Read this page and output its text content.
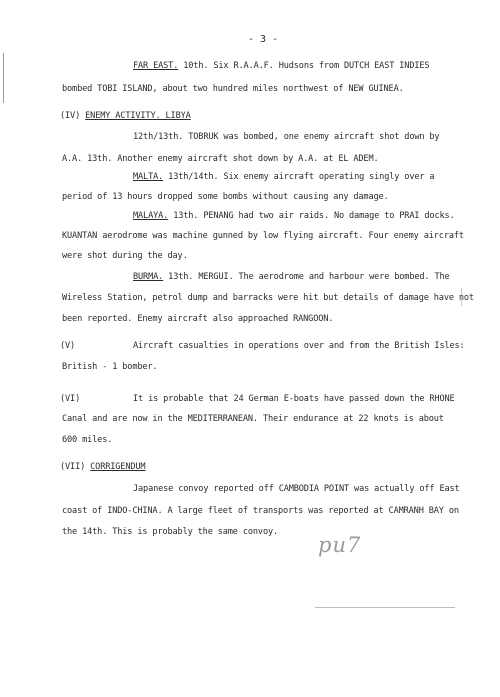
- 3 -
FAR EAST. 10th. Six R.A.A.F. Hudsons from DUTCH EAST INDIES
bombed TOBI ISLAND, about two hundred miles northwest of NEW GUINEA.
(IV) ENEMY ACTIVITY. LIBYA
12th/13th. TOBRUK was bombed, one enemy aircraft shot down by
A.A. 13th. Another enemy aircraft shot down by A.A. at EL ADEM.
MALTA. 13th/14th. Six enemy aircraft operating singly over a
period of 13 hours dropped some bombs without causing any damage.
MALAYA. 13th. PENANG had two air raids. No damage to PRAI docks.
KUANTAN aerodrome was machine gunned by low flying aircraft. Four enemy aircraft
were shot during the day.
BURMA. 13th. MERGUI. The aerodrome and harbour were bombed. The
Wireless Station, petrol dump and barracks were hit but details of damage have not
been reported. Enemy aircraft also approached RANGOON.
(V)	Aircraft casualties in operations over and from the British Isles:
British - 1 bomber.
(VI)	It is probable that 24 German E-boats have passed down the RHONE
Canal and are now in the MEDITERRANEAN. Their endurance at 22 knots is about
600 miles.
(VII) CORRIGENDUM
Japanese convoy reported off CAMBODIA POINT was actually off East
coast of INDO-CHINA. A large fleet of transports was reported at CAMRANH BAY on
the 14th. This is probably the same convoy.
pu7
